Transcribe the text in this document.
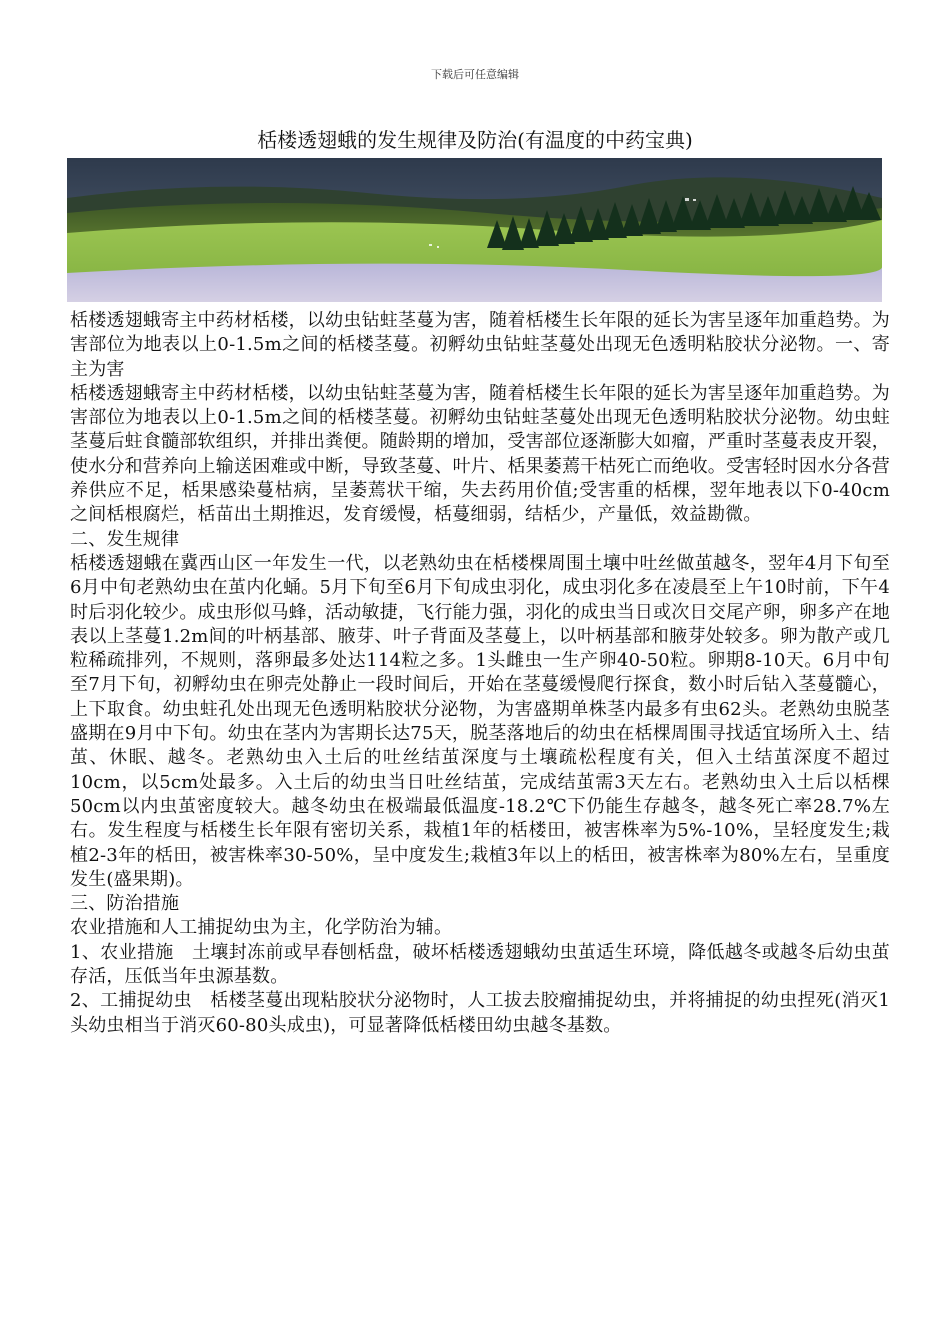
下载后可任意编辑
栝楼透翅蛾的发生规律及防治(有温度的中药宝典)

栝楼透翅蛾寄主中药材栝楼，以幼虫钻蛀茎蔓为害，随着栝楼生长年限的延长为害呈逐年加重趋势。为害部位为地表以上0-1.5m之间的栝楼茎蔓。初孵幼虫钻蛀茎蔓处出现无色透明粘胶状分泌物。一、寄主为害

栝楼透翅蛾寄主中药材栝楼，以幼虫钻蛀茎蔓为害，随着栝楼生长年限的延长为害呈逐年加重趋势。为害部位为地表以上0-1.5m之间的栝楼茎蔓。初孵幼虫钻蛀茎蔓处出现无色透明粘胶状分泌物。幼虫蛀茎蔓后蛀食髓部软组织，并排出粪便。随龄期的增加，受害部位逐渐膨大如瘤，严重时茎蔓表皮开裂，使水分和营养向上输送困难或中断，导致茎蔓、叶片、栝果萎蔫干枯死亡而绝收。受害轻时因水分各营养供应不足，栝果感染蔓枯病，呈萎蔫状干缩，失去药用价值;受害重的栝棵，翌年地表以下0-40cm之间栝根腐烂，栝苗出土期推迟，发育缓慢，栝蔓细弱，结栝少，产量低，效益勘微。

二、发生规律

栝楼透翅蛾在冀西山区一年发生一代，以老熟幼虫在栝楼棵周围土壤中吐丝做茧越冬，翌年4月下旬至6月中旬老熟幼虫在茧内化蛹。5月下旬至6月下旬成虫羽化，成虫羽化多在凌晨至上午10时前，下午4时后羽化较少。成虫形似马蜂，活动敏捷，飞行能力强，羽化的成虫当日或次日交尾产卵，卵多产在地表以上茎蔓1.2m间的叶柄基部、腋芽、叶子背面及茎蔓上，以叶柄基部和腋芽处较多。卵为散产或几粒稀疏排列，不规则，落卵最多处达114粒之多。1头雌虫一生产卵40-50粒。卵期8-10天。6月中旬至7月下旬，初孵幼虫在卵壳处静止一段时间后，开始在茎蔓缓慢爬行探食，数小时后钻入茎蔓髓心，上下取食。幼虫蛀孔处出现无色透明粘胶状分泌物，为害盛期单株茎内最多有虫62头。老熟幼虫脱茎盛期在9月中下旬。幼虫在茎内为害期长达75天，脱茎落地后的幼虫在栝棵周围寻找适宜场所入土、结茧、休眠、越冬。老熟幼虫入土后的吐丝结茧深度与土壤疏松程度有关，但入土结茧深度不超过10cm，以5cm处最多。入土后的幼虫当日吐丝结茧，完成结茧需3天左右。老熟幼虫入土后以栝棵50cm以内虫茧密度较大。越冬幼虫在极端最低温度-18.2℃下仍能生存越冬，越冬死亡率28.7%左右。发生程度与栝楼生长年限有密切关系，栽植1年的栝楼田，被害株率为5%-10%，呈轻度发生;栽植2-3年的栝田，被害株率30-50%，呈中度发生;栽植3年以上的栝田，被害株率为80%左右，呈重度发生(盛果期)。

三、防治措施

农业措施和人工捕捉幼虫为主，化学防治为辅。

1、农业措施　土壤封冻前或早春刨栝盘，破坏栝楼透翅蛾幼虫茧适生环境，降低越冬或越冬后幼虫茧存活，压低当年虫源基数。

2、工捕捉幼虫　栝楼茎蔓出现粘胶状分泌物时，人工拔去胶瘤捕捉幼虫，并将捕捉的幼虫捏死(消灭1头幼虫相当于消灭60-80头成虫)，可显著降低栝楼田幼虫越冬基数。
